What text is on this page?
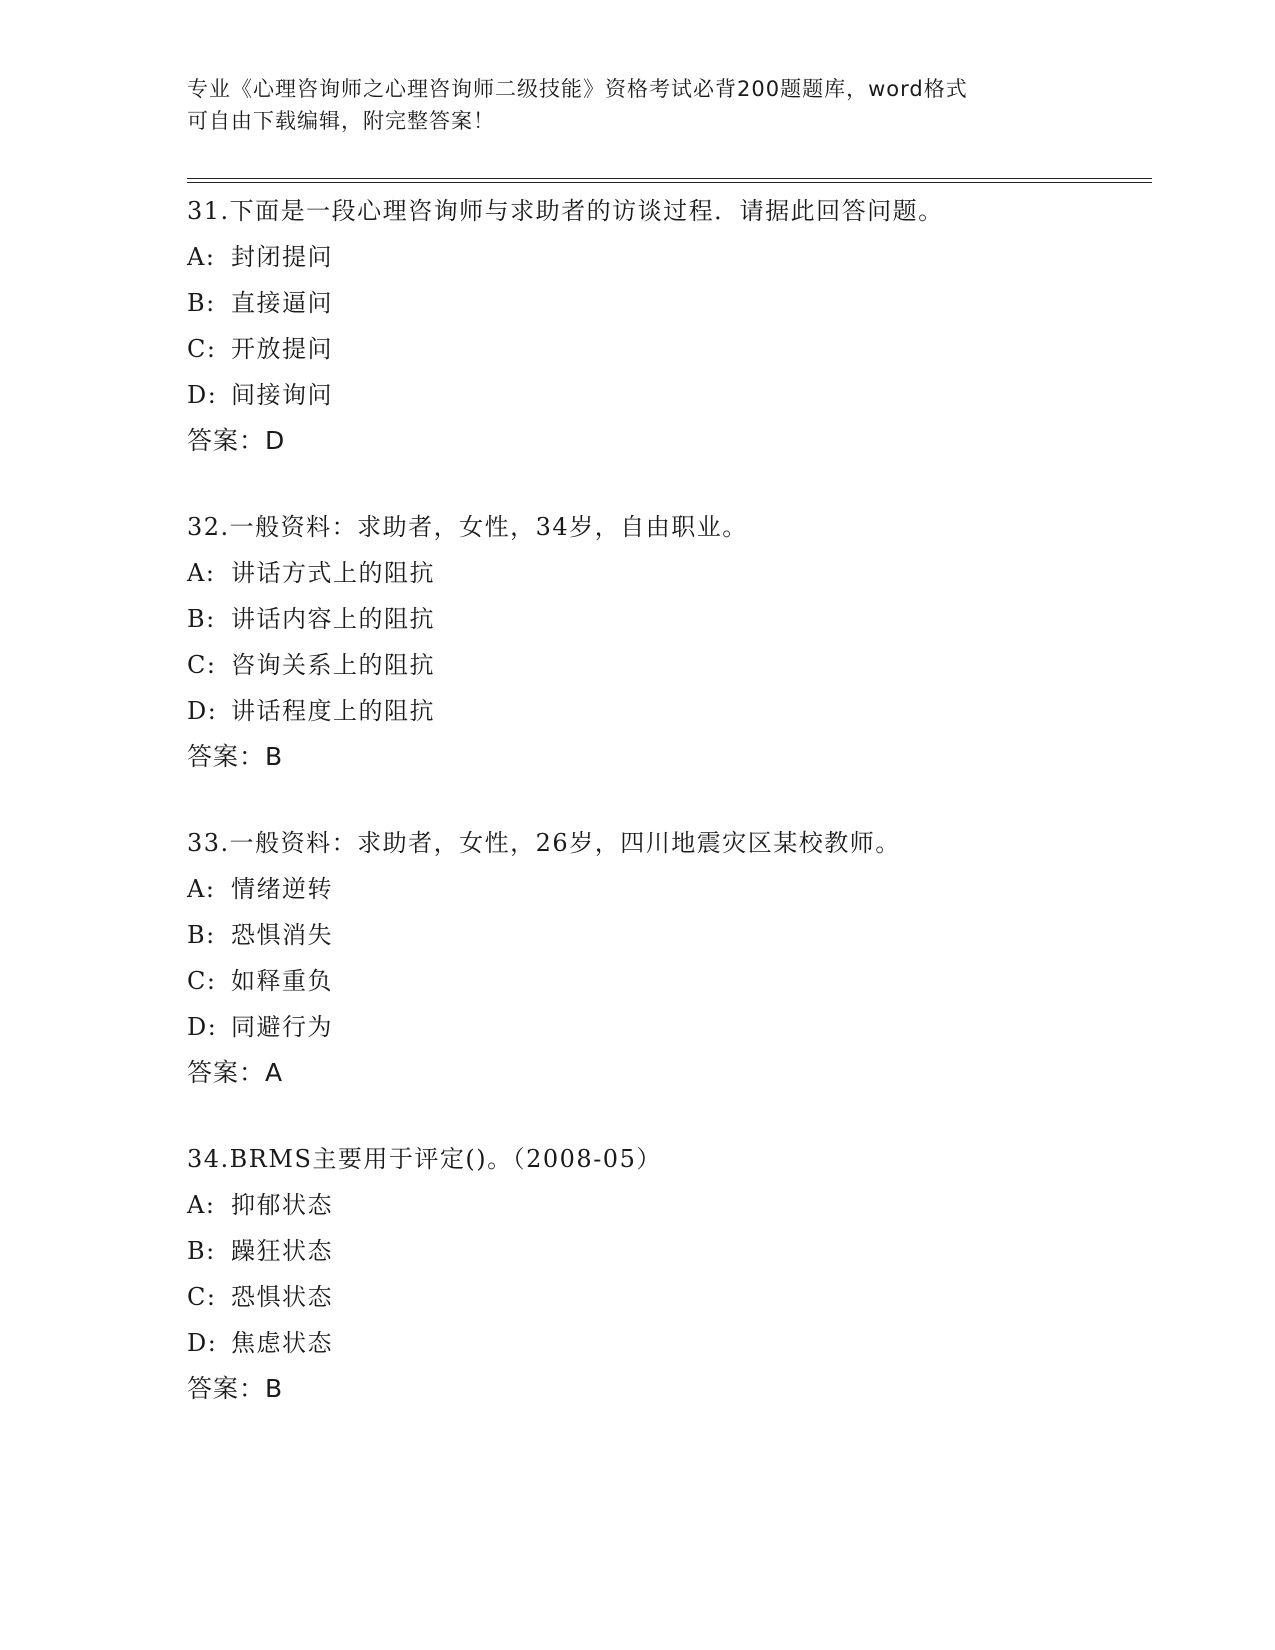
专业《心理咨询师之心理咨询师二级技能》资格考试必背200题题库，word格式
可自由下载编辑，附完整答案！
31.下面是一段心理咨询师与求助者的访谈过程．请据此回答问题。
A: 封闭提问
B: 直接逼问
C: 开放提问
D: 间接询问
答案：D
32.一般资料：求助者，女性，34岁，自由职业。
A: 讲话方式上的阻抗
B: 讲话内容上的阻抗
C: 咨询关系上的阻抗
D: 讲话程度上的阻抗
答案：B
33.一般资料：求助者，女性，26岁，四川地震灾区某校教师。
A: 情绪逆转
B: 恐惧消失
C: 如释重负
D: 同避行为
答案：A
34.BRMS主要用于评定()。（2008-05）
A: 抑郁状态
B: 躁狂状态
C: 恐惧状态
D: 焦虑状态
答案：B
